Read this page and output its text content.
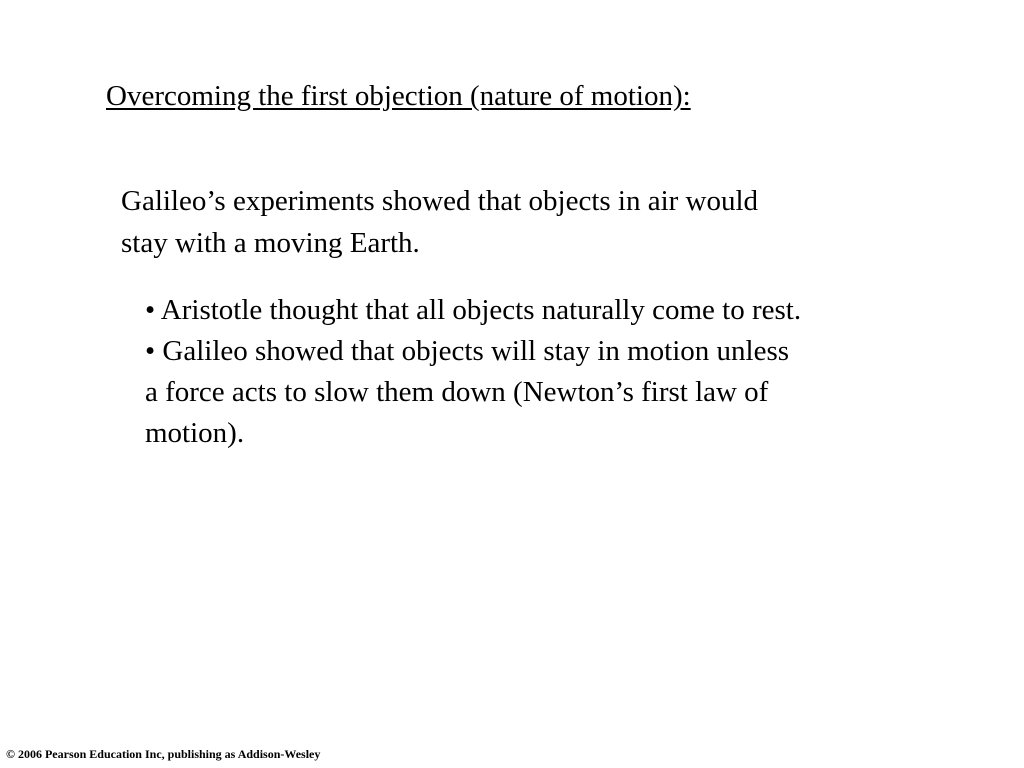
Overcoming the first objection (nature of motion):
Galileo’s experiments showed that objects in air would
stay with a moving Earth.
• Aristotle thought that all objects naturally come to rest.
• Galileo showed that objects will stay in motion unless
a force acts to slow them down (Newton’s first law of
motion).
© 2006 Pearson Education Inc, publishing as Addison-Wesley
